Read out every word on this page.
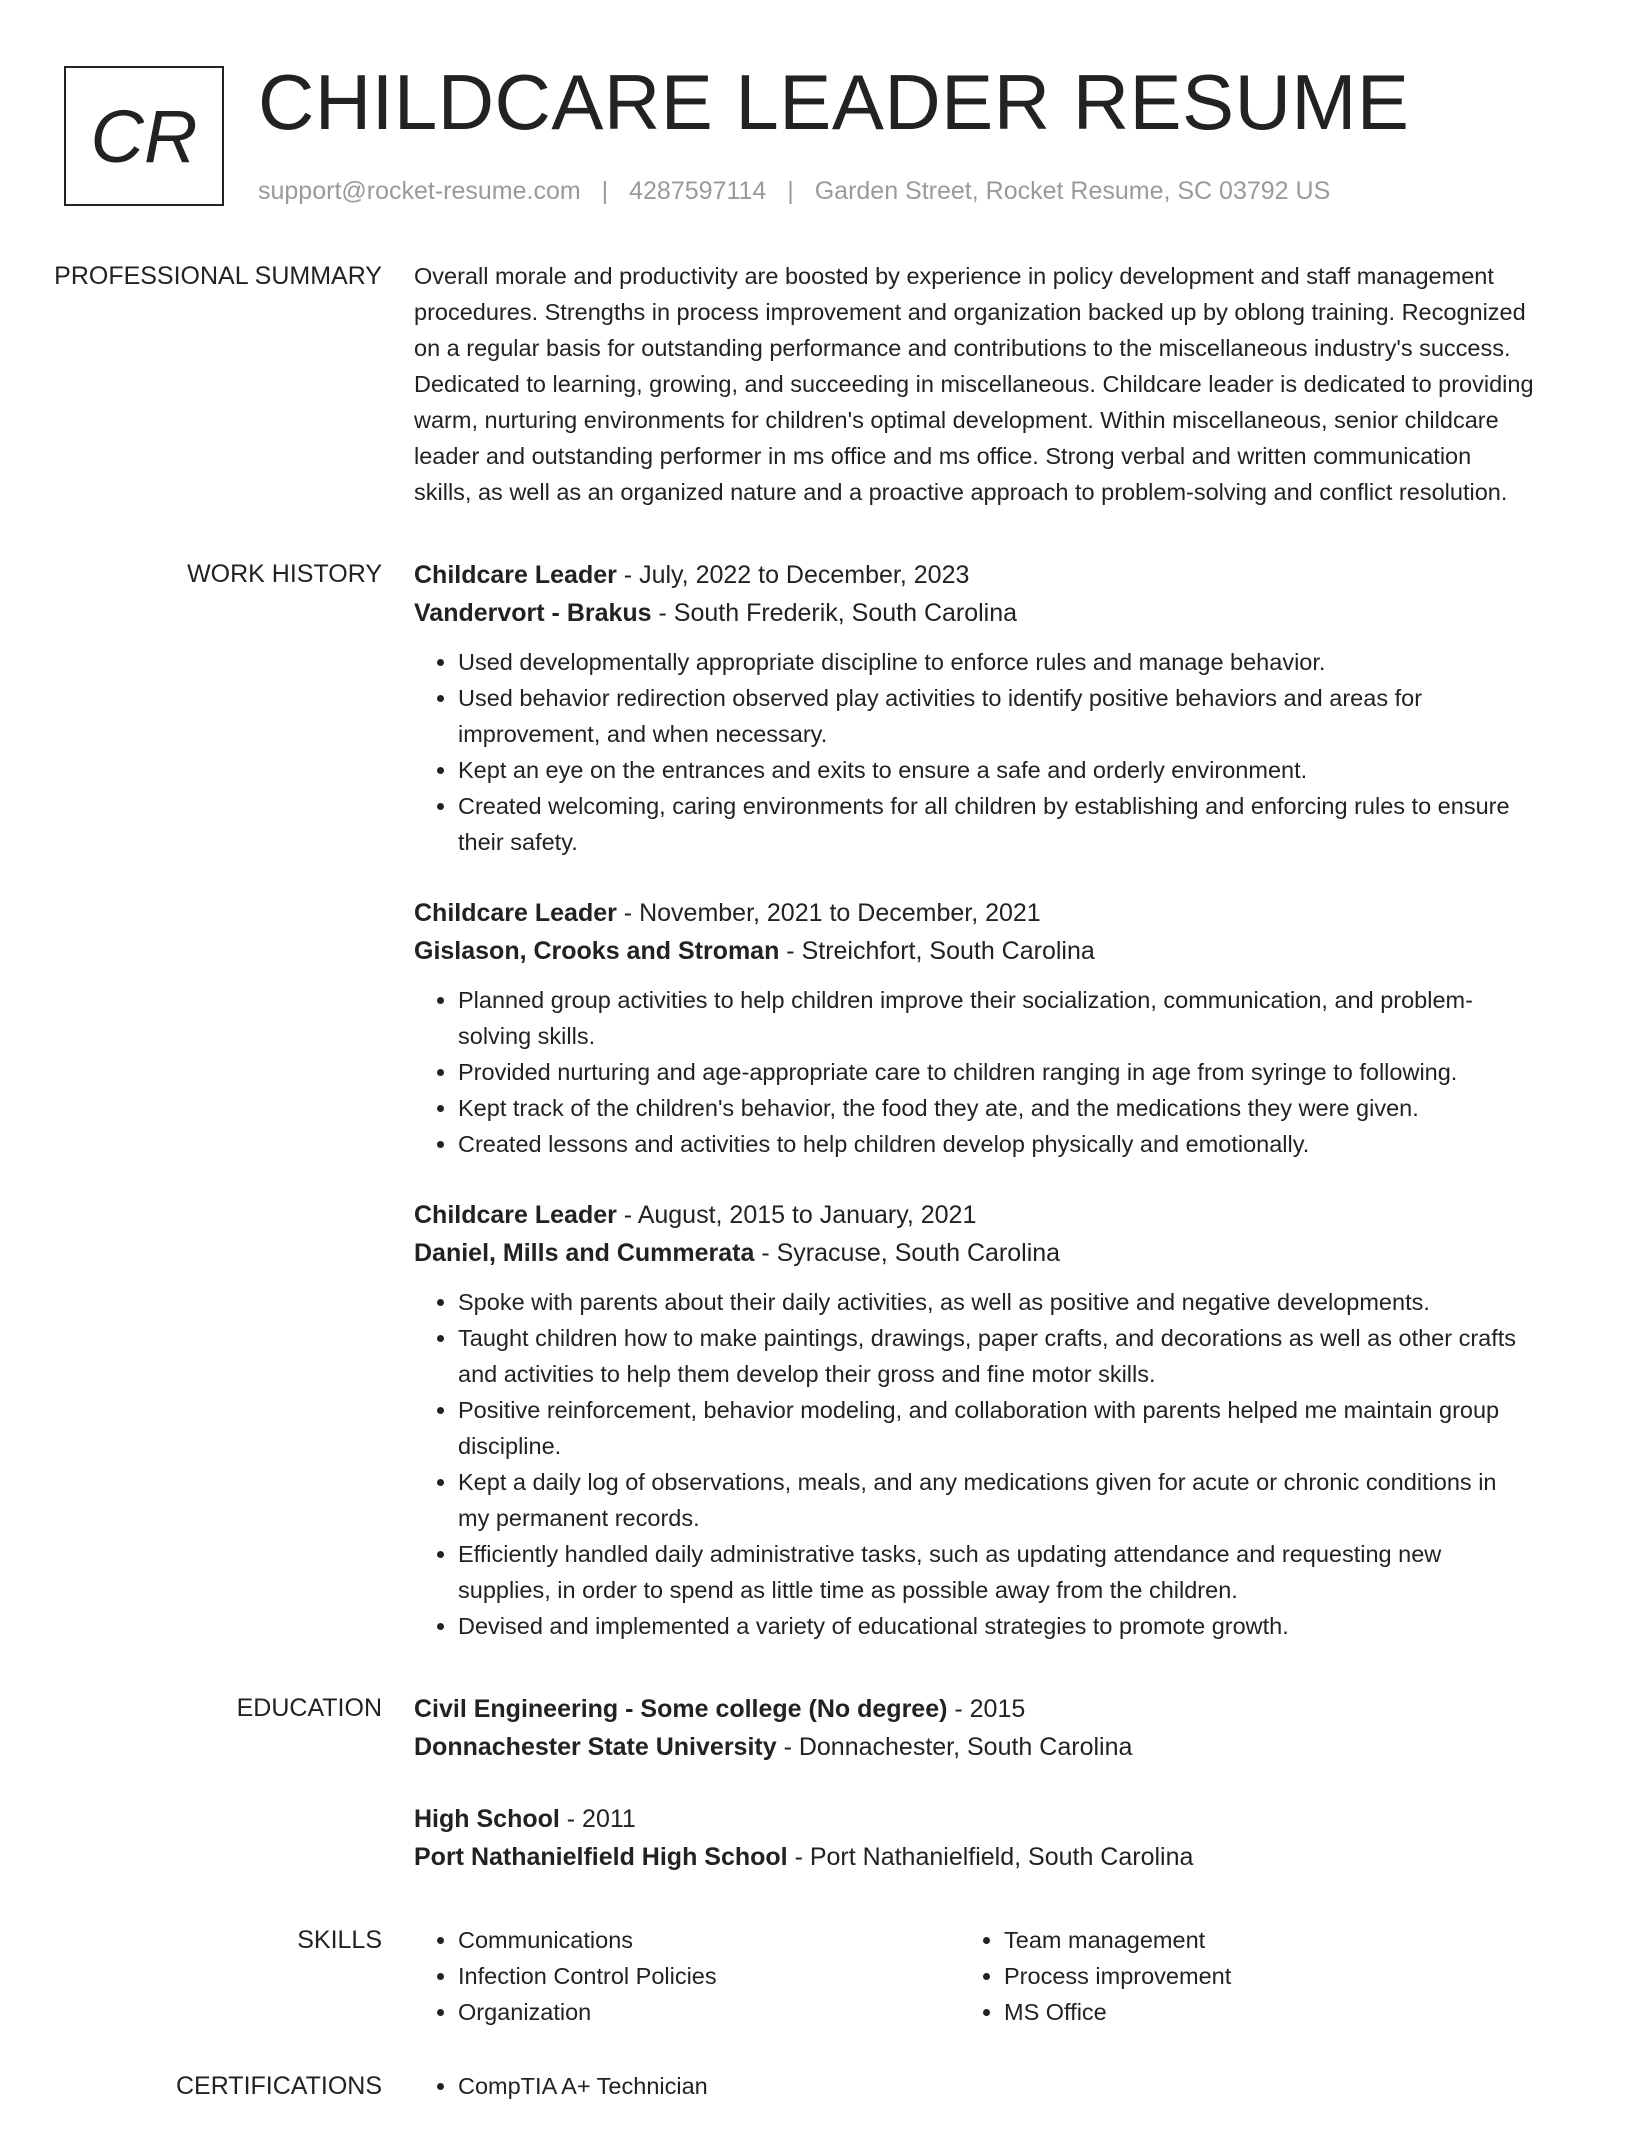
CR CHILDCARE LEADER RESUME
support@rocket-resume.com | 4287597114 | Garden Street, Rocket Resume, SC 03792 US
PROFESSIONAL SUMMARY	Overall morale and productivity are boosted by experience in policy development and staff management procedures. Strengths in process improvement and organization backed up by oblong training. Recognized on a regular basis for outstanding performance and contributions to the miscellaneous industry's success. Dedicated to learning, growing, and succeeding in miscellaneous. Childcare leader is dedicated to providing warm, nurturing environments for children's optimal development. Within miscellaneous, senior childcare leader and outstanding performer in ms office and ms office. Strong verbal and written communication skills, as well as an organized nature and a proactive approach to problem-solving and conflict resolution.

WORK HISTORY	Childcare Leader - July, 2022 to December, 2023
Vandervort - Brakus - South Frederik, South Carolina
• Used developmentally appropriate discipline to enforce rules and manage behavior.
• Used behavior redirection observed play activities to identify positive behaviors and areas for improvement, and when necessary.
• Kept an eye on the entrances and exits to ensure a safe and orderly environment.
• Created welcoming, caring environments for all children by establishing and enforcing rules to ensure their safety.
Childcare Leader - November, 2021 to December, 2021
Gislason, Crooks and Stroman - Streichfort, South Carolina
• Planned group activities to help children improve their socialization, communication, and problem-solving skills.
• Provided nurturing and age-appropriate care to children ranging in age from syringe to following.
• Kept track of the children's behavior, the food they ate, and the medications they were given.
• Created lessons and activities to help children develop physically and emotionally.
Childcare Leader - August, 2015 to January, 2021
Daniel, Mills and Cummerata - Syracuse, South Carolina
• Spoke with parents about their daily activities, as well as positive and negative developments.
• Taught children how to make paintings, drawings, paper crafts, and decorations as well as other crafts and activities to help them develop their gross and fine motor skills.
• Positive reinforcement, behavior modeling, and collaboration with parents helped me maintain group discipline.
• Kept a daily log of observations, meals, and any medications given for acute or chronic conditions in my permanent records.
• Efficiently handled daily administrative tasks, such as updating attendance and requesting new supplies, in order to spend as little time as possible away from the children.
• Devised and implemented a variety of educational strategies to promote growth.
EDUCATION	Civil Engineering - Some college (No degree) - 2015
Donnachester State University - Donnachester, South Carolina
High School - 2011
Port Nathanielfield High School - Port Nathanielfield, South Carolina
SKILLS	• Communications
• Infection Control Policies
• Organization
• Team management
• Process improvement
• MS Office
CERTIFICATIONS	• CompTIA A+ Technician
